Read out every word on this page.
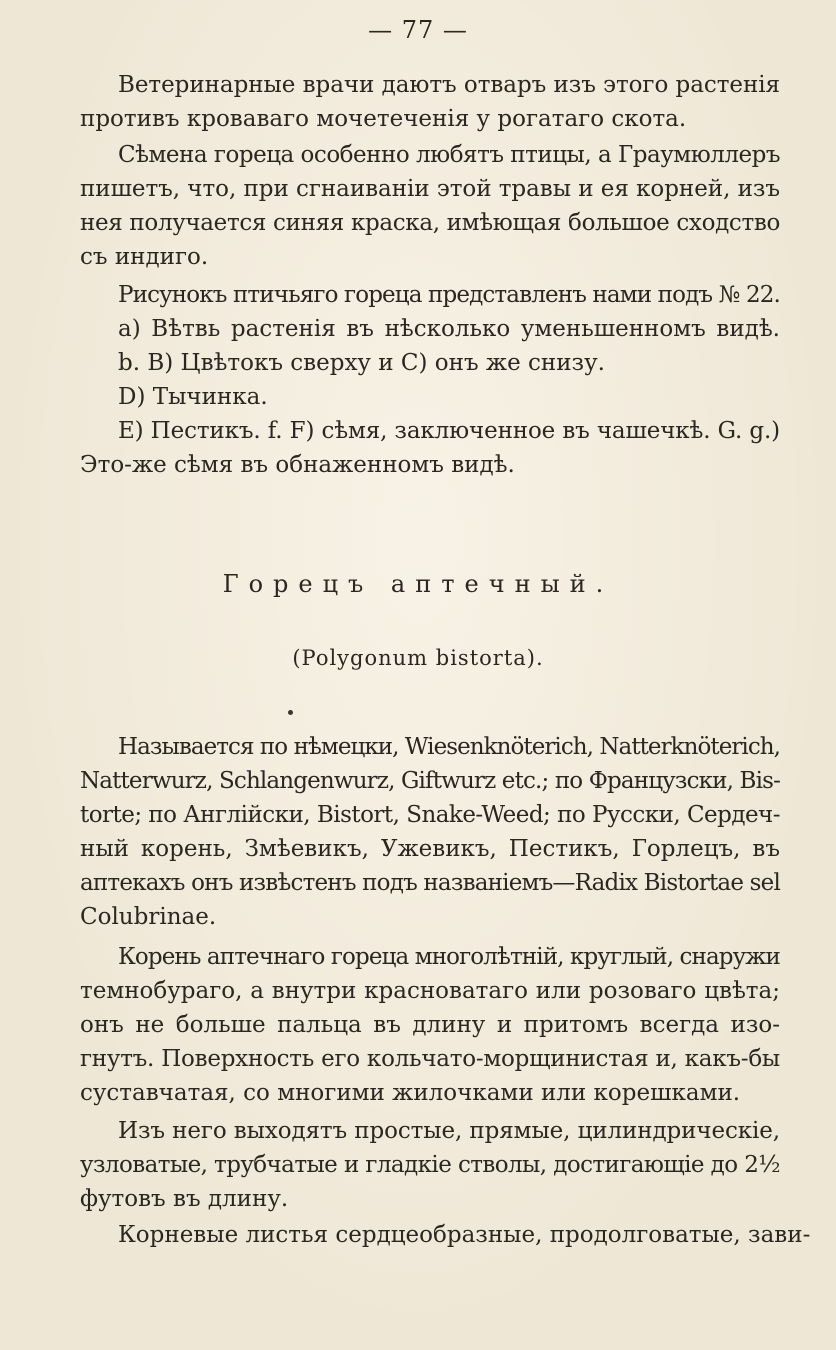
— 77 —
Ветеринарные врачи даютъ отваръ изъ этого растенія
противъ кроваваго мочетеченія у рогатаго скота.
Сѣмена гореца особенно любятъ птицы, а Граумюллеръ
пишетъ, что, при сгнаиваніи этой травы и ея корней, изъ
нея получается синяя краска, имѣющая большое сходство
съ индиго.
Рисунокъ птичьяго гореца представленъ нами подъ № 22.
a) Вѣтвь растенія въ нѣсколько уменьшенномъ видѣ.
b. B) Цвѣтокъ сверху и C) онъ же снизу.
D) Тычинка.
E) Пестикъ. f. F) сѣмя, заключенное въ чашечкѣ. G. g.)
Это-же сѣмя въ обнаженномъ видѣ.
Горецъ аптечный.
(Polygonum bistorta).
Называется по нѣмецки, Wiesenknöterich, Natterknöterich,
Natterwurz, Schlangenwurz, Giftwurz etc.; по Французски, Bis-
torte; по Англійски, Bistort, Snake-Weed; по Русски, Сердеч-
ный корень, Змѣевикъ, Ужевикъ, Пестикъ, Горлецъ, въ
аптекахъ онъ извѣстенъ подъ названіемъ—Radix Bistortae sel
Colubrinae.
Корень аптечнаго гореца многолѣтній, круглый, снаружи
темнобураго, а внутри красноватаго или розоваго цвѣта;
онъ не больше пальца въ длину и притомъ всегда изо-
гнутъ. Поверхность его кольчато-морщинистая и, какъ-бы
суставчатая, со многими жилочками или корешками.
Изъ него выходятъ простые, прямые, цилиндрическіе,
узловатые, трубчатые и гладкіе стволы, достигающіе до 2½
футовъ въ длину.
Корневые листья сердцеобразные, продолговатые, зави-
